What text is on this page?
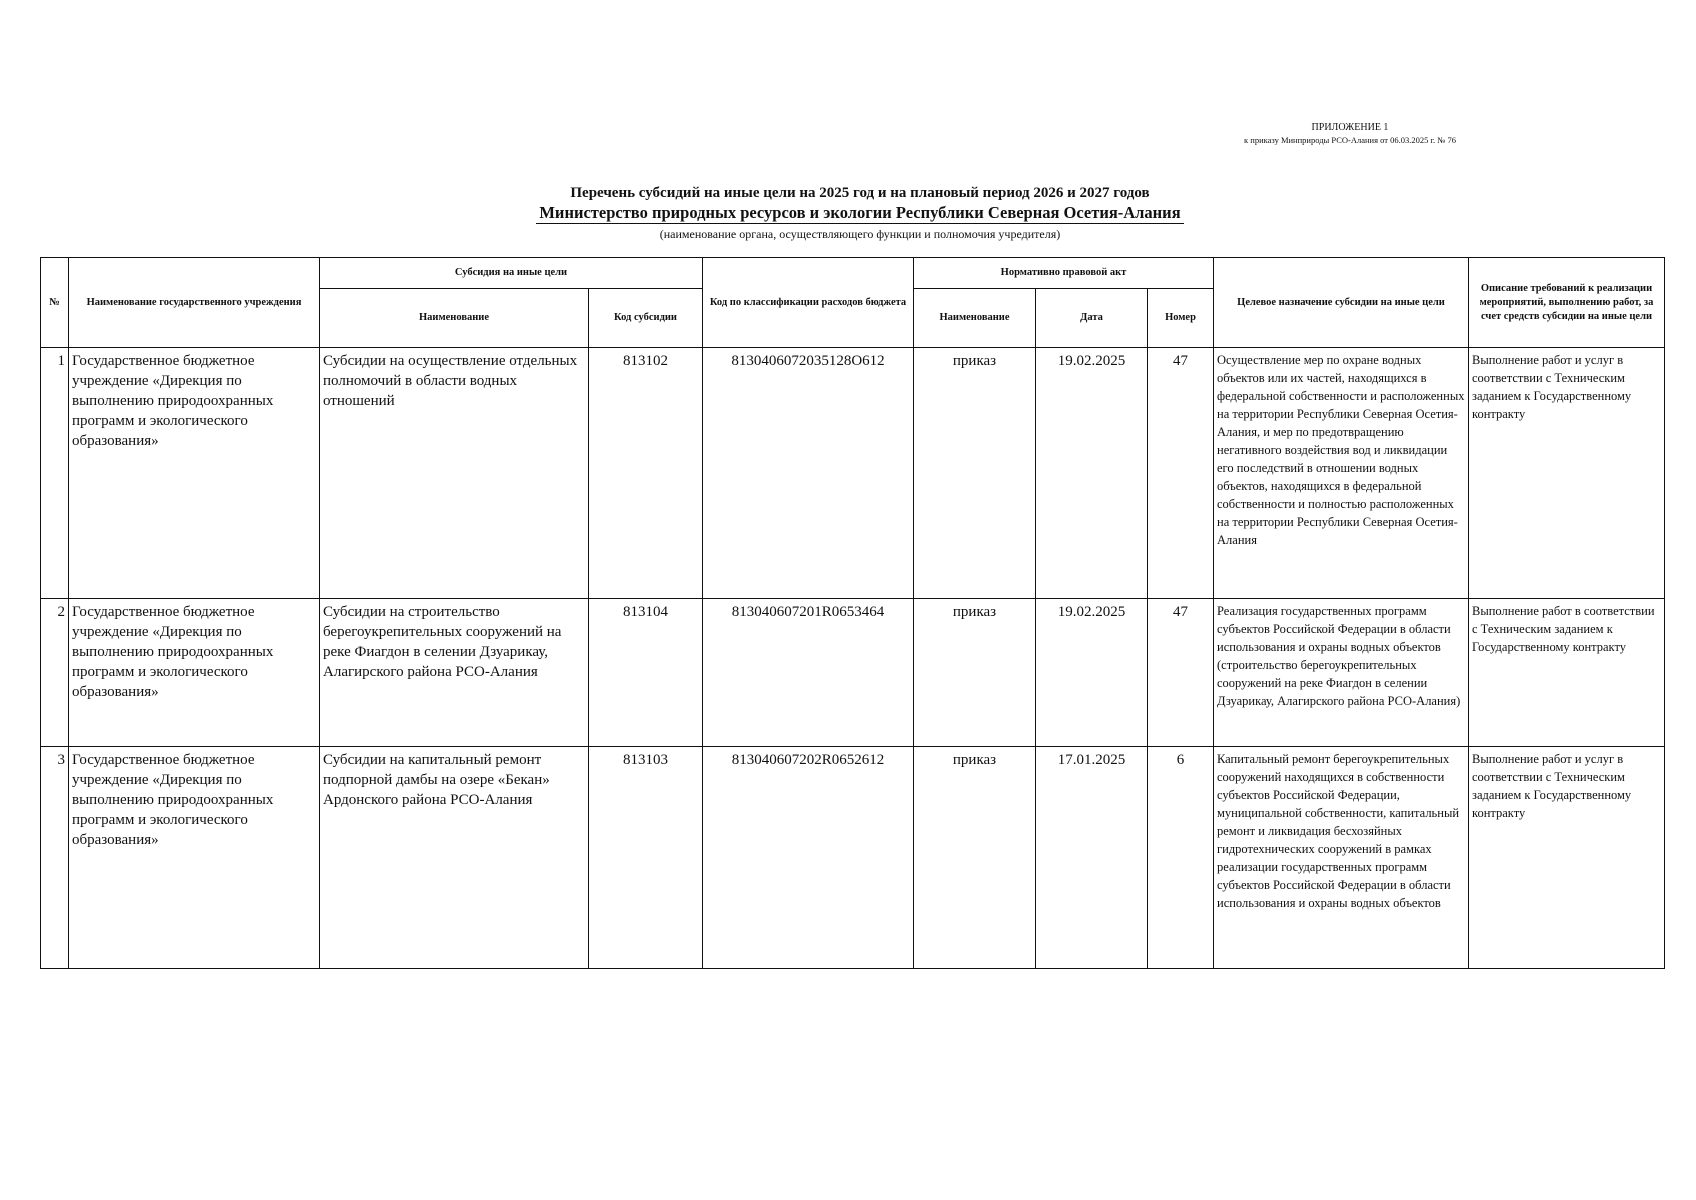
ПРИЛОЖЕНИЕ 1
к приказу Минприроды РСО-Алания от 06.03.2025 г. № 76
Перечень субсидий на иные цели на 2025 год и на плановый период 2026 и 2027 годов
Министерство природных ресурсов и экологии Республики Северная Осетия-Алания
(наименование органа, осуществляющего функции и полномочия учредителя)
№	Наименование государственного учреждения	Субсидия на иные цели		Код по классификации расходов бюджета	Нормативно правовой акт			Целевое назначение субсидии на иные цели	Описание требований к реализации мероприятий, выполнению работ, за счет средств субсидии на иные цели
		Наименование	Код субсидии		Наименование	Дата	Номер		
1	Государственное бюджетное учреждение «Дирекция по выполнению природоохранных программ и экологического образования»	Субсидии на осуществление отдельных полномочий в области водных отношений	813102	8130406072035128О612	приказ	19.02.2025	47	Осуществление мер по охране водных объектов или их частей, находящихся в федеральной собственности и расположенных на территории Республики Северная Осетия-Алания, и мер по предотвращению негативного воздействия вод и ликвидации его последствий в отношении водных объектов, находящихся в федеральной собственности и полностью расположенных на территории Республики Северная Осетия-Алания	Выполнение работ и услуг в соответствии с Техническим заданием к Государственному контракту
2	Государственное бюджетное учреждение «Дирекция по выполнению природоохранных программ и экологического образования»	Субсидии на строительство берегоукрепительных сооружений на реке Фиагдон в селении Дзуарикау, Алагирского района РСО-Алания	813104	813040607201R0653464	приказ	19.02.2025	47	Реализация государственных программ субъектов Российской Федерации в области использования и охраны водных объектов (строительство берегоукрепительных сооружений на реке Фиагдон в селении Дзуарикау, Алагирского района РСО-Алания)	Выполнение работ в соответствии с Техническим заданием к Государственному контракту
3	Государственное бюджетное учреждение «Дирекция по выполнению природоохранных программ и экологического образования»	Субсидии на капитальный ремонт подпорной дамбы на озере «Бекан» Ардонского района РСО-Алания	813103	813040607202R0652612	приказ	17.01.2025	6	Капитальный ремонт берегоукрепительных сооружений находящихся в собственности субъектов Российской Федерации, муниципальной собственности, капитальный ремонт и ликвидация бесхозяйных гидротехнических сооружений в рамках реализации государственных программ субъектов Российской Федерации в области использования и охраны водных объектов	Выполнение работ и услуг в соответствии с Техническим заданием к Государственному контракту
